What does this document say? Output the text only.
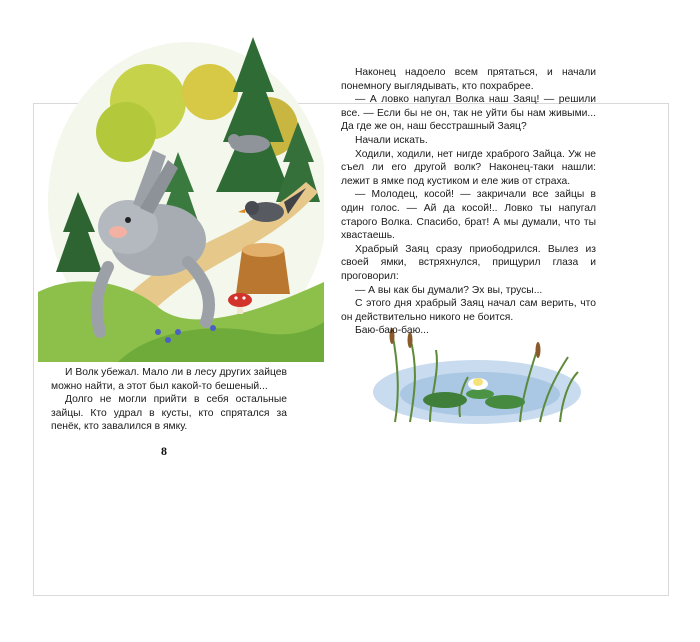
И Волк убежал. Мало ли в лесу других зайцев можно найти, а этот был какой-то бешеный...

Долго не могли прийти в себя остальные зайцы. Кто удрал в кусты, кто спрятался за пенёк, кто завалился в ямку.

8

Наконец надоело всем прятаться, и начали понемногу выглядывать, кто похрабрее.

— А ловко напугал Волка наш Заяц! — решили все. — Если бы не он, так не уйти бы нам живыми... Да где же он, наш бесстрашный Заяц?

Начали искать.

Ходили, ходили, нет нигде храброго Зайца. Уж не съел ли его другой волк? Наконец-таки нашли: лежит в ямке под кустиком и еле жив от страха.

— Молодец, косой! — закричали все зайцы в один голос. — Ай да косой!.. Ловко ты напугал старого Волка. Спасибо, брат! А мы думали, что ты хвастаешь.

Храбрый Заяц сразу приободрился. Вылез из своей ямки, встряхнулся, прищурил глаза и проговорил:

— А вы как бы думали? Эх вы, трусы...

С этого дня храбрый Заяц начал сам верить, что он действительно никого не боится.

Баю-баю-баю...
